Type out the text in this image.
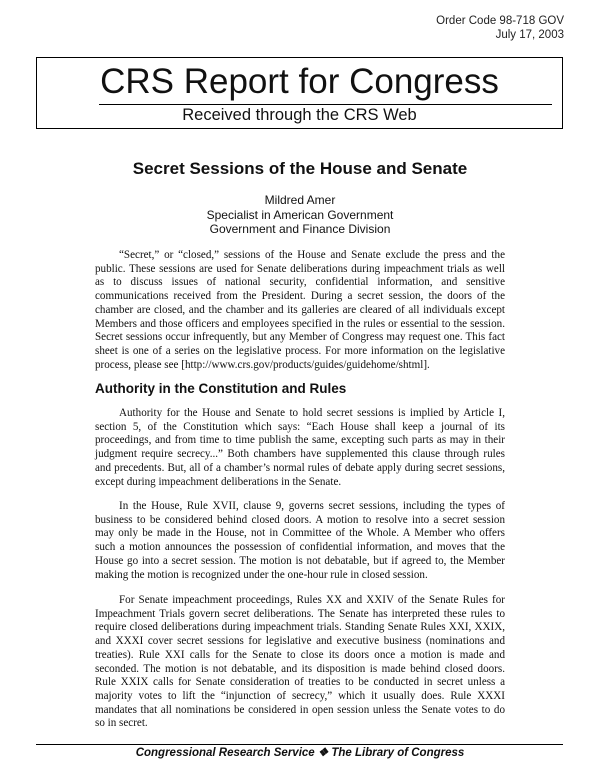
Order Code 98-718 GOV
July 17, 2003
CRS Report for Congress
Received through the CRS Web
Secret Sessions of the House and Senate
Mildred Amer
Specialist in American Government
Government and Finance Division

“Secret,” or “closed,” sessions of the House and Senate exclude the press and the public. These sessions are used for Senate deliberations during impeachment trials as well as to discuss issues of national security, confidential information, and sensitive communications received from the President. During a secret session, the doors of the chamber are closed, and the chamber and its galleries are cleared of all individuals except Members and those officers and employees specified in the rules or essential to the session. Secret sessions occur infrequently, but any Member of Congress may request one. This fact sheet is one of a series on the legislative process. For more information on the legislative process, please see [http://www.crs.gov/products/guides/guidehome/shtml].

Authority in the Constitution and Rules

Authority for the House and Senate to hold secret sessions is implied by Article I, section 5, of the Constitution which says: “Each House shall keep a journal of its proceedings, and from time to time publish the same, excepting such parts as may in their judgment require secrecy...” Both chambers have supplemented this clause through rules and precedents. But, all of a chamber’s normal rules of debate apply during secret sessions, except during impeachment deliberations in the Senate.

In the House, Rule XVII, clause 9, governs secret sessions, including the types of business to be considered behind closed doors. A motion to resolve into a secret session may only be made in the House, not in Committee of the Whole. A Member who offers such a motion announces the possession of confidential information, and moves that the House go into a secret session. The motion is not debatable, but if agreed to, the Member making the motion is recognized under the one-hour rule in closed session.

For Senate impeachment proceedings, Rules XX and XXIV of the Senate Rules for Impeachment Trials govern secret deliberations. The Senate has interpreted these rules to require closed deliberations during impeachment trials. Standing Senate Rules XXI, XXIX, and XXXI cover secret sessions for legislative and executive business (nominations and treaties). Rule XXI calls for the Senate to close its doors once a motion is made and seconded. The motion is not debatable, and its disposition is made behind closed doors. Rule XXIX calls for Senate consideration of treaties to be conducted in secret unless a majority votes to lift the “injunction of secrecy,” which it usually does. Rule XXXI mandates that all nominations be considered in open session unless the Senate votes to do so in secret.

Congressional Research Service ❖ The Library of Congress
